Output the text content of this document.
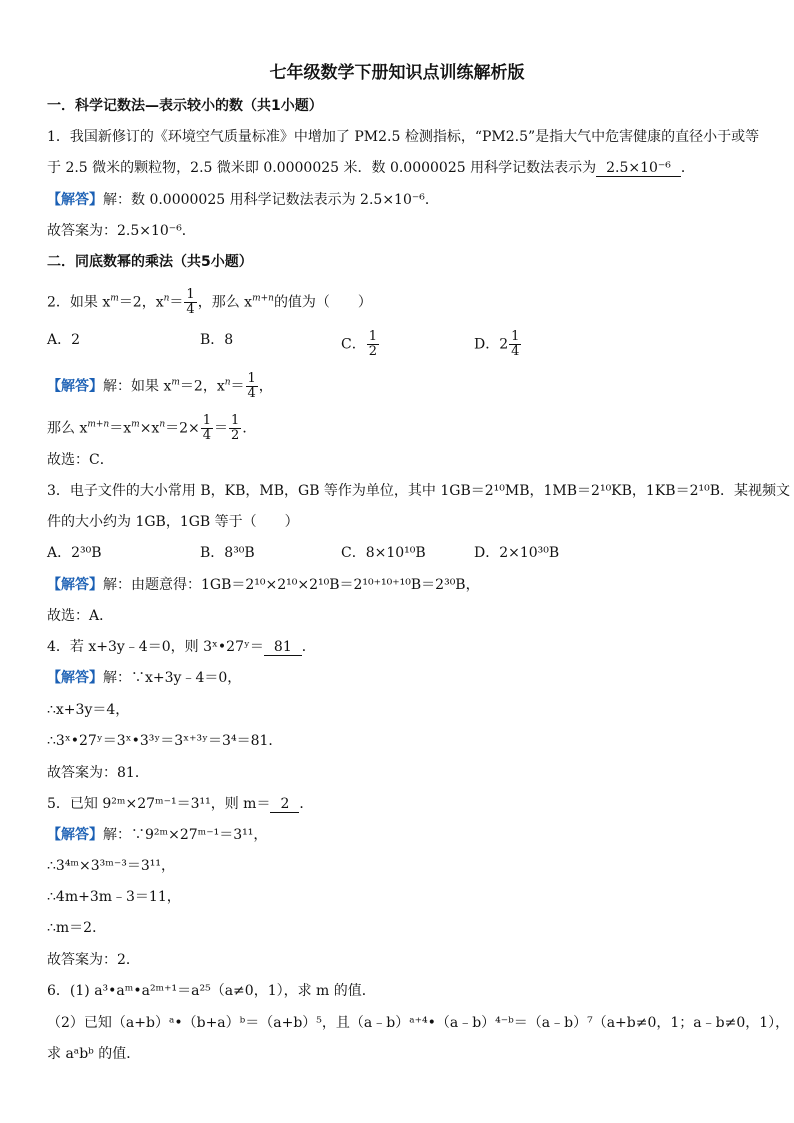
七年级数学下册知识点训练解析版
一．科学记数法—表示较小的数（共1小题）
1．我国新修订的《环境空气质量标准》中增加了 PM2.5 检测指标，“PM2.5”是指大气中危害健康的直径小于或等
于 2.5 微米的颗粒物，2.5 微米即 0.0000025 米．数 0.0000025 用科学记数法表示为 2.5×10⁻⁶ ．
【解答】解：数 0.0000025 用科学记数法表示为 2.5×10⁻⁶．
故答案为：2.5×10⁻⁶．
二．同底数幂的乘法（共5小题）
2．如果 $x^m=2$，$x^n= \frac{1}{4}$ ，那么 $x^{m+n}$的值为（　　）
A．2	B．8	C． $\frac{1}{2}$	D．$2 \frac{1}{4}$
【解答】解：如果 $x^m=2$，$x^n= \frac{1}{4}$ ，
那么 $x^{m+n}=x^m\times x^n=2\times \frac{1}{4} = \frac{1}{2}$ ．
故选：C．
3．电子文件的大小常用 B，KB，MB，GB 等作为单位，其中 1GB＝2¹⁰MB，1MB＝2¹⁰KB，1KB＝2¹⁰B．某视频文
件的大小约为 1GB，1GB 等于（　　）
A．2³⁰B	B．8³⁰B	C．8×10¹⁰B	D．2×10³⁰B
【解答】解：由题意得：1GB＝2¹⁰×2¹⁰×2¹⁰B＝2¹⁰⁺¹⁰⁺¹⁰B＝2³⁰B，
故选：A．
4．若 x+3y﹣4＝0，则 3ˣ•27ʸ＝ 81 ．
【解答】解：∵x+3y﹣4＝0，
∴x+3y＝4，
∴3ˣ•27ʸ＝3ˣ•3³ʸ＝3ˣ⁺³ʸ＝3⁴＝81．
故答案为：81．
5．已知 9²ᵐ×27ᵐ⁻¹＝3¹¹，则 m＝ 2 ．
【解答】解：∵9²ᵐ×27ᵐ⁻¹＝3¹¹，
∴3⁴ᵐ×3³ᵐ⁻³＝3¹¹，
∴4m+3m﹣3＝11，
∴m＝2．
故答案为：2．
6．(1) a³•aᵐ•a²ᵐ⁺¹＝a²⁵（a≠0，1），求 m 的值．
（2）已知（a+b）ᵃ•（b+a）ᵇ＝（a+b）⁵，且（a﹣b）ᵃ⁺⁴•（a﹣b）⁴⁻ᵇ＝（a﹣b）⁷（a+b≠0，1；a﹣b≠0，1），
求 aᵃbᵇ 的值．
